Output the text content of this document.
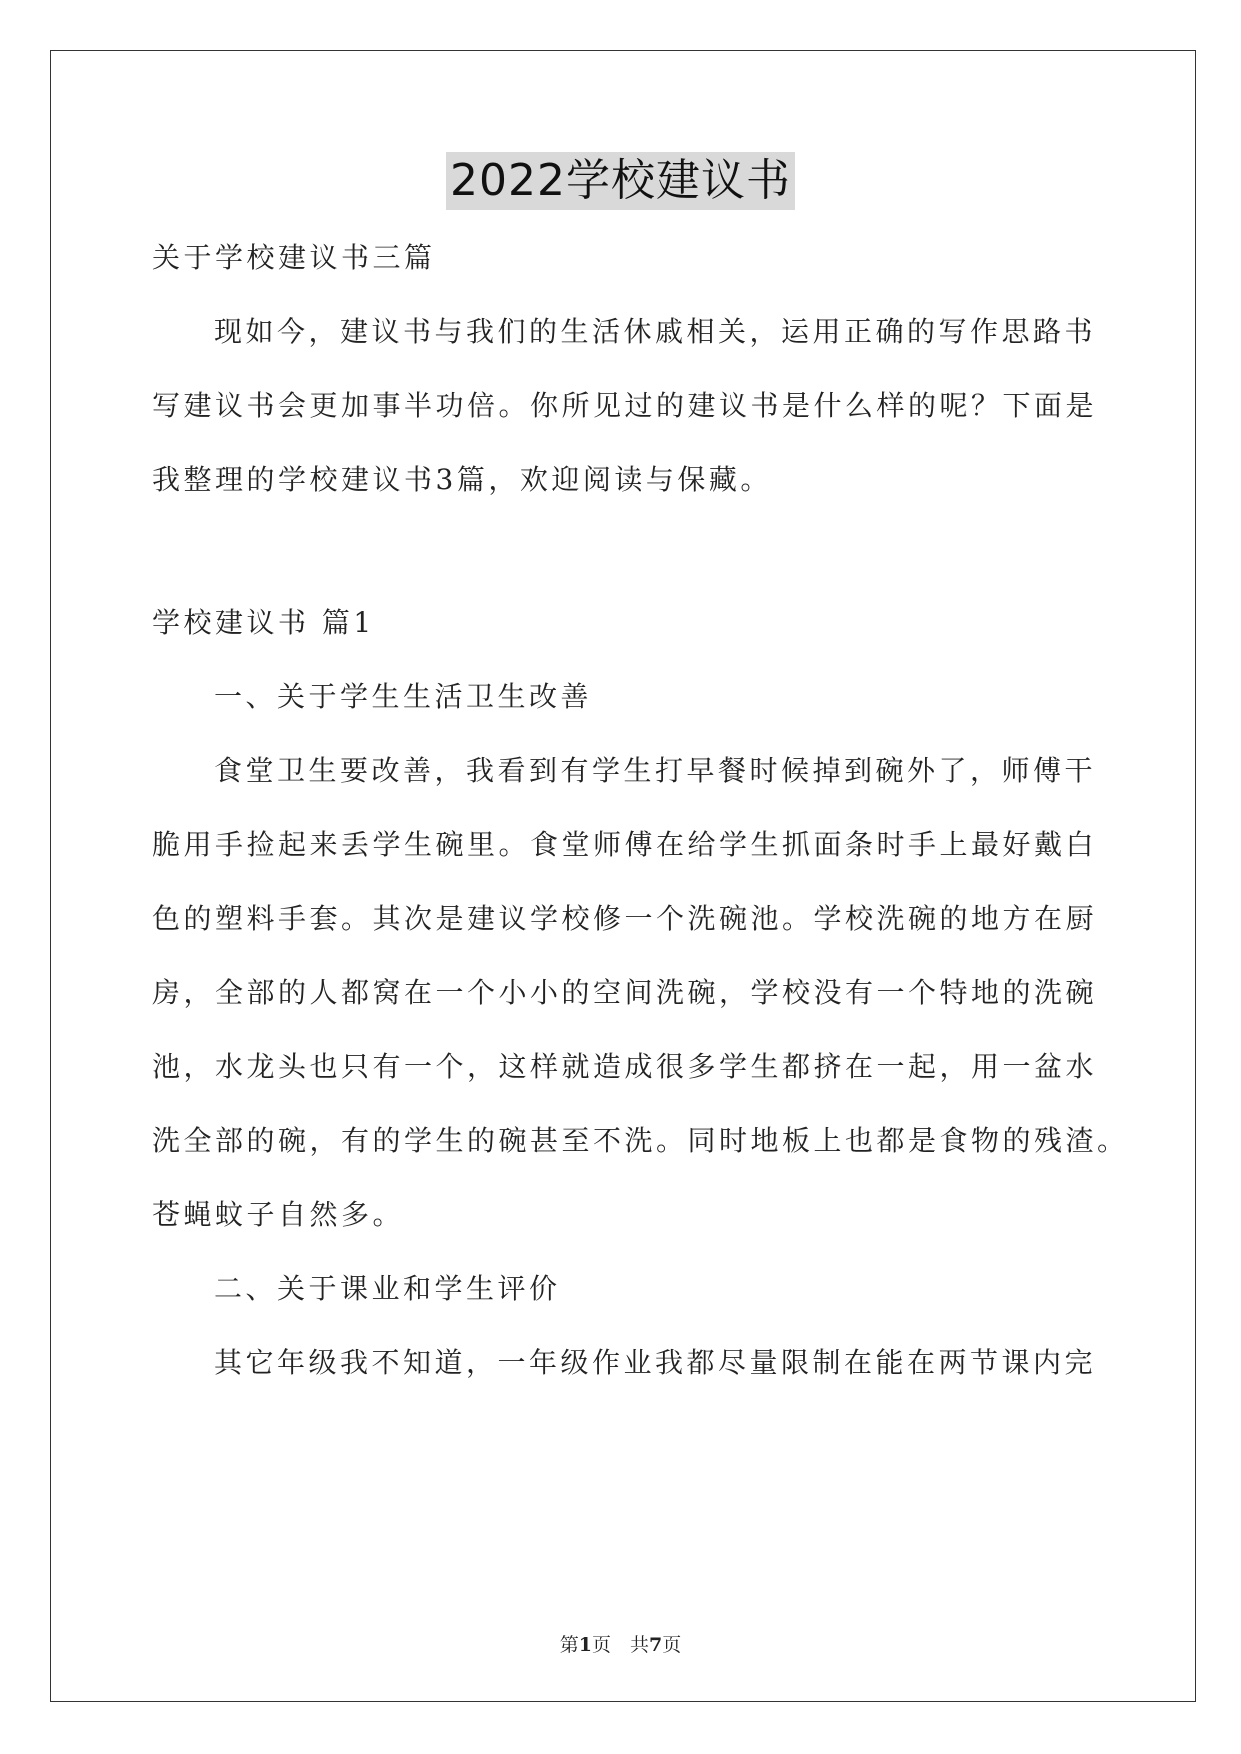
2022学校建议书
关于学校建议书三篇
现如今，建议书与我们的生活休戚相关，运用正确的写作思路书
写建议书会更加事半功倍。你所见过的建议书是什么样的呢？下面是
我整理的学校建议书3篇，欢迎阅读与保藏。
学校建议书 篇1
一、关于学生生活卫生改善
食堂卫生要改善，我看到有学生打早餐时候掉到碗外了，师傅干
脆用手捡起来丢学生碗里。食堂师傅在给学生抓面条时手上最好戴白
色的塑料手套。其次是建议学校修一个洗碗池。学校洗碗的地方在厨
房，全部的人都窝在一个小小的空间洗碗，学校没有一个特地的洗碗
池，水龙头也只有一个，这样就造成很多学生都挤在一起，用一盆水
洗全部的碗，有的学生的碗甚至不洗。同时地板上也都是食物的残渣。
苍蝇蚊子自然多。
二、关于课业和学生评价
其它年级我不知道，一年级作业我都尽量限制在能在两节课内完
第1页　共7页
